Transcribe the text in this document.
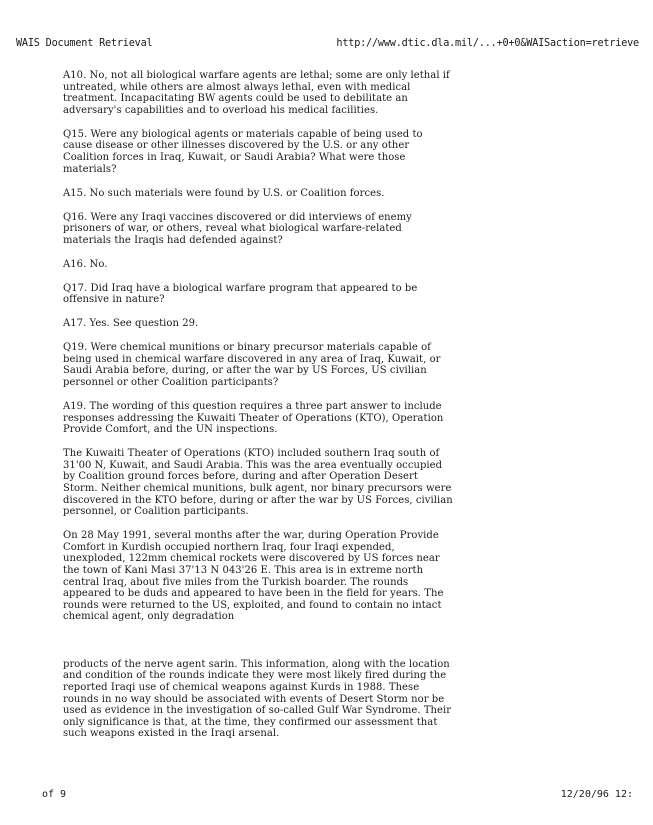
WAIS Document Retrieval	http://www.dtic.dla.mil/...+0+0&WAISaction=retrieve

A10. No, not all biological warfare agents are lethal; some are only lethal if untreated, while others are almost always lethal, even with medical treatment. Incapacitating BW agents could be used to debilitate an adversary's capabilities and to overload his medical facilities.

Q15. Were any biological agents or materials capable of being used to cause disease or other illnesses discovered by the U.S. or any other Coalition forces in Iraq, Kuwait, or Saudi Arabia? What were those materials?

A15. No such materials were found by U.S. or Coalition forces.

Q16. Were any Iraqi vaccines discovered or did interviews of enemy prisoners of war, or others, reveal what biological warfare-related materials the Iraqis had defended against?

A16. No.

Q17. Did Iraq have a biological warfare program that appeared to be offensive in nature?

A17. Yes. See question 29.

Q19. Were chemical munitions or binary precursor materials capable of being used in chemical warfare discovered in any area of Iraq, Kuwait, or Saudi Arabia before, during, or after the war by US Forces, US civilian personnel or other Coalition participants?

A19. The wording of this question requires a three part answer to include responses addressing the Kuwaiti Theater of Operations (KTO), Operation Provide Comfort, and the UN inspections.

The Kuwaiti Theater of Operations (KTO) included southern Iraq south of 31'00 N, Kuwait, and Saudi Arabia. This was the area eventually occupied by Coalition ground forces before, during and after Operation Desert Storm. Neither chemical munitions, bulk agent, nor binary precursors were discovered in the KTO before, during or after the war by US Forces, civilian personnel, or Coalition participants.

On 28 May 1991, several months after the war, during Operation Provide Comfort in Kurdish occupied northern Iraq, four Iraqi expended, unexploded, 122mm chemical rockets were discovered by US forces near the town of Kani Masi 37'13 N 043'26 E. This area is in extreme north central Iraq, about five miles from the Turkish boarder. The rounds appeared to be duds and appeared to have been in the field for years. The rounds were returned to the US, exploited, and found to contain no intact chemical agent, only degradation

products of the nerve agent sarin. This information, along with the location and condition of the rounds indicate they were most likely fired during the reported Iraqi use of chemical weapons against Kurds in 1988. These rounds in no way should be associated with events of Desert Storm nor be used as evidence in the investigation of so-called Gulf War Syndrome. Their only significance is that, at the time, they confirmed our assessment that such weapons existed in the Iraqi arsenal.

of 9	12/20/96 12:
